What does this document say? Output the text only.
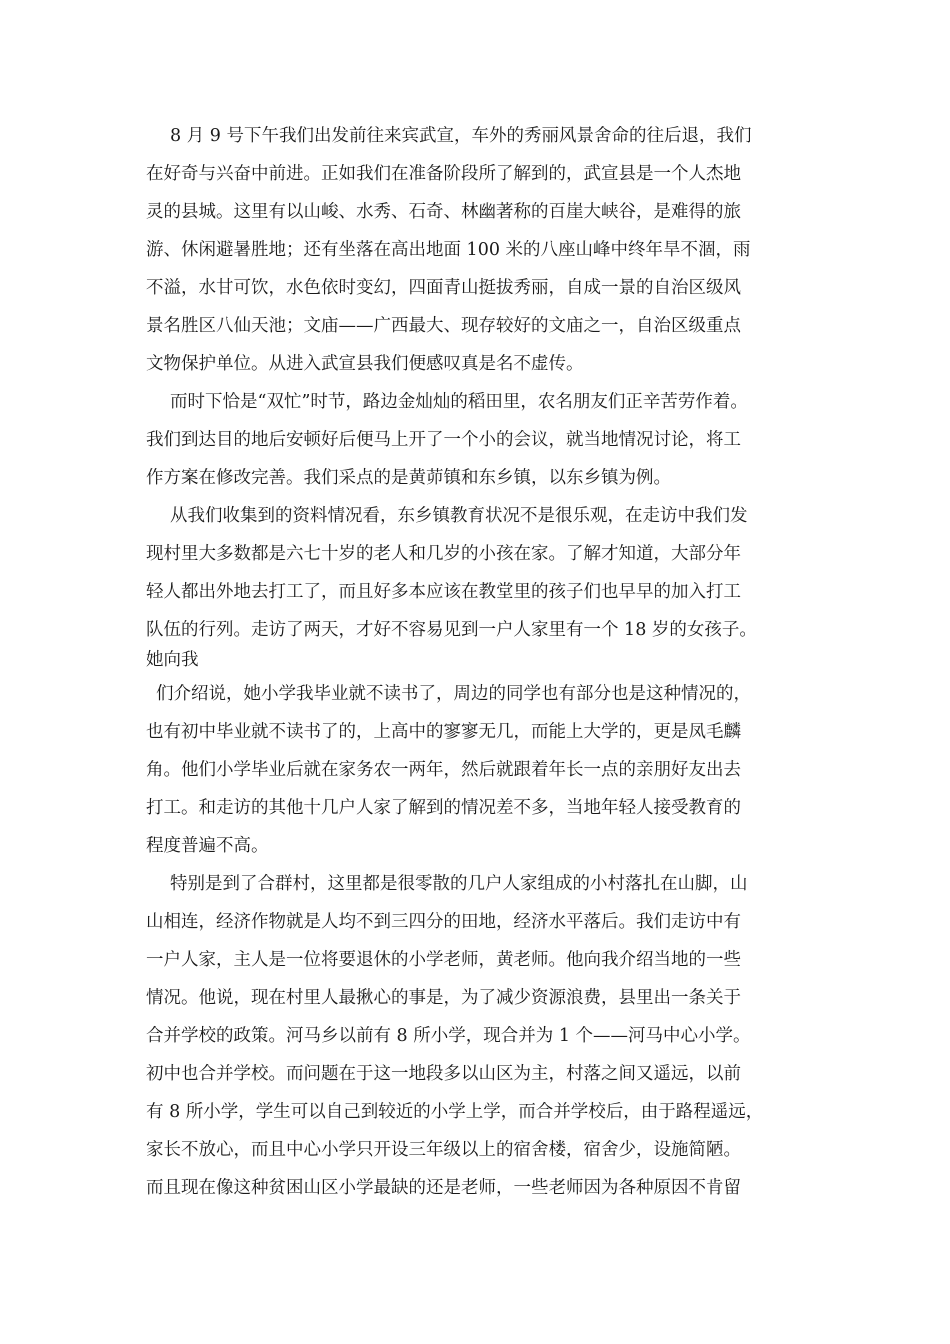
8 月 9 号下午我们出发前往来宾武宣，车外的秀丽风景舍命的往后退，我们

在好奇与兴奋中前进。正如我们在准备阶段所了解到的，武宣县是一个人杰地

灵的县城。这里有以山峻、水秀、石奇、林幽著称的百崖大峡谷，是难得的旅

游、休闲避暑胜地；还有坐落在高出地面 100 米的八座山峰中终年旱不涸，雨

不溢，水甘可饮，水色依时变幻，四面青山挺拔秀丽，自成一景的自治区级风

景名胜区八仙天池；文庙——广西最大、现存较好的文庙之一，自治区级重点

文物保护单位。从进入武宣县我们便感叹真是名不虚传。

而时下恰是“双忙”时节，路边金灿灿的稻田里，农名朋友们正辛苦劳作着。

我们到达目的地后安顿好后便马上开了一个小的会议，就当地情况讨论，将工

作方案在修改完善。我们采点的是黄茆镇和东乡镇，以东乡镇为例。

从我们收集到的资料情况看，东乡镇教育状况不是很乐观，在走访中我们发

现村里大多数都是六七十岁的老人和几岁的小孩在家。了解才知道，大部分年

轻人都出外地去打工了，而且好多本应该在教堂里的孩子们也早早的加入打工

队伍的行列。走访了两天，才好不容易见到一户人家里有一个 18 岁的女孩子。

她向我

们介绍说，她小学我毕业就不读书了，周边的同学也有部分也是这种情况的，

也有初中毕业就不读书了的，上高中的寥寥无几，而能上大学的，更是凤毛麟

角。他们小学毕业后就在家务农一两年，然后就跟着年长一点的亲朋好友出去

打工。和走访的其他十几户人家了解到的情况差不多，当地年轻人接受教育的

程度普遍不高。

特别是到了合群村，这里都是很零散的几户人家组成的小村落扎在山脚，山

山相连，经济作物就是人均不到三四分的田地，经济水平落后。我们走访中有

一户人家，主人是一位将要退休的小学老师，黄老师。他向我介绍当地的一些

情况。他说，现在村里人最揪心的事是，为了减少资源浪费，县里出一条关于

合并学校的政策。河马乡以前有 8 所小学，现合并为 1 个——河马中心小学。

初中也合并学校。而问题在于这一地段多以山区为主，村落之间又遥远，以前

有 8 所小学，学生可以自己到较近的小学上学，而合并学校后，由于路程遥远，

家长不放心，而且中心小学只开设三年级以上的宿舍楼，宿舍少，设施简陋。

而且现在像这种贫困山区小学最缺的还是老师，一些老师因为各种原因不肯留
